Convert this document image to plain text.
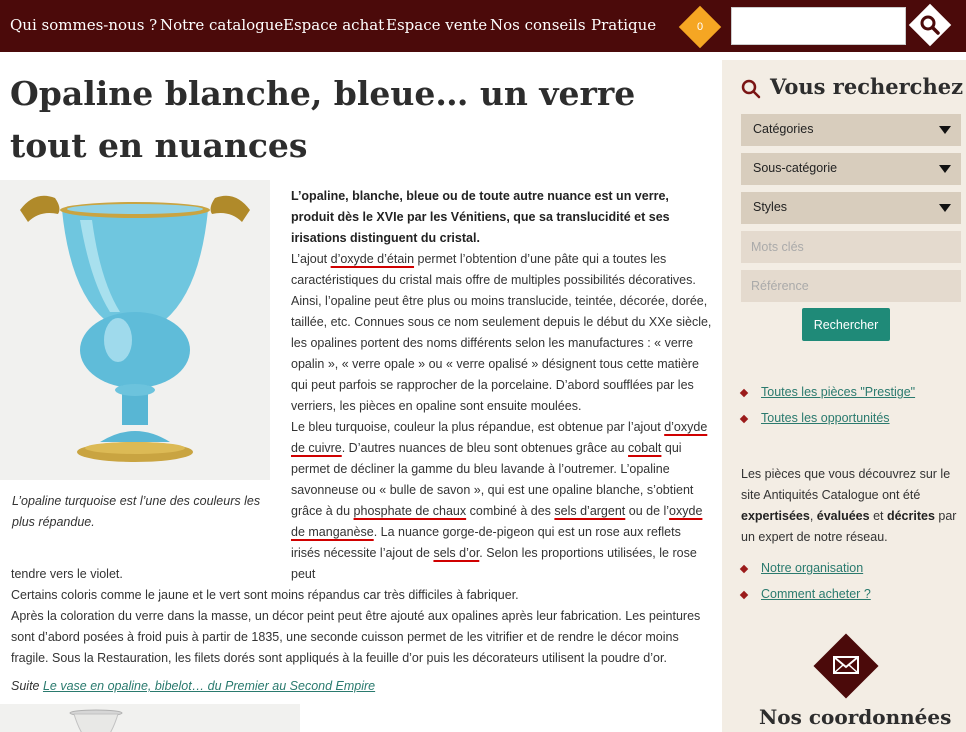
Qui sommes-nous ? Notre catalogue Espace achat Espace vente Nos conseils Pratique	0
Opaline blanche, bleue… un verre tout en nuances

L’opaline turquoise est l’une des couleurs les plus répandue.

L’opaline, blanche, bleue ou de toute autre nuance est un verre, produit dès le XVIe par les Vénitiens, que sa translucidité et ses irisations distinguent du cristal.

L’ajout d’oxyde d’étain permet l’obtention d’une pâte qui a toutes les caractéristiques du cristal mais offre de multiples possibilités décoratives. Ainsi, l’opaline peut être plus ou moins translucide, teintée, décorée, dorée, taillée, etc. Connues sous ce nom seulement depuis le début du XXe siècle, les opalines portent des noms différents selon les manufactures : « verre opalin », « verre opale » ou « verre opalisé » désignent tous cette matière qui peut parfois se rapprocher de la porcelaine. D’abord soufflées par les verriers, les pièces en opaline sont ensuite moulées.

Le bleu turquoise, couleur la plus répandue, est obtenue par l’ajout d’oxyde de cuivre. D’autres nuances de bleu sont obtenues grâce au cobalt qui permet de décliner la gamme du bleu lavande à l’outremer. L’opaline savonneuse ou « bulle de savon », qui est une opaline blanche, s’obtient grâce à du phosphate de chaux combiné à des sels d’argent ou de l’oxyde de manganèse. La nuance gorge-de-pigeon qui est un rose aux reflets irisés nécessite l’ajout de sels d’or. Selon les proportions utilisées, le rose peut

tendre vers le violet.

Certains coloris comme le jaune et le vert sont moins répandus car très difficiles à fabriquer.

Après la coloration du verre dans la masse, un décor peint peut être ajouté aux opalines après leur fabrication. Les peintures sont d’abord posées à froid puis à partir de 1835, une seconde cuisson permet de les vitrifier et de rendre le décor moins fragile. Sous la Restauration, les filets dorés sont appliqués à la feuille d’or puis les décorateurs utilisent la poudre d’or.

Suite Le vase en opaline, bibelot… du Premier au Second Empire

Vous recherchez
Catégories
Sous-catégorie
Styles
Mots clés
Référence
Rechercher
Toutes les pièces "Prestige"
Toutes les opportunités

Les pièces que vous découvrez sur le site Antiquités Catalogue ont été expertisées, évaluées et décrites par un expert de notre réseau.

Notre organisation
Comment acheter ?
Nos coordonnées
